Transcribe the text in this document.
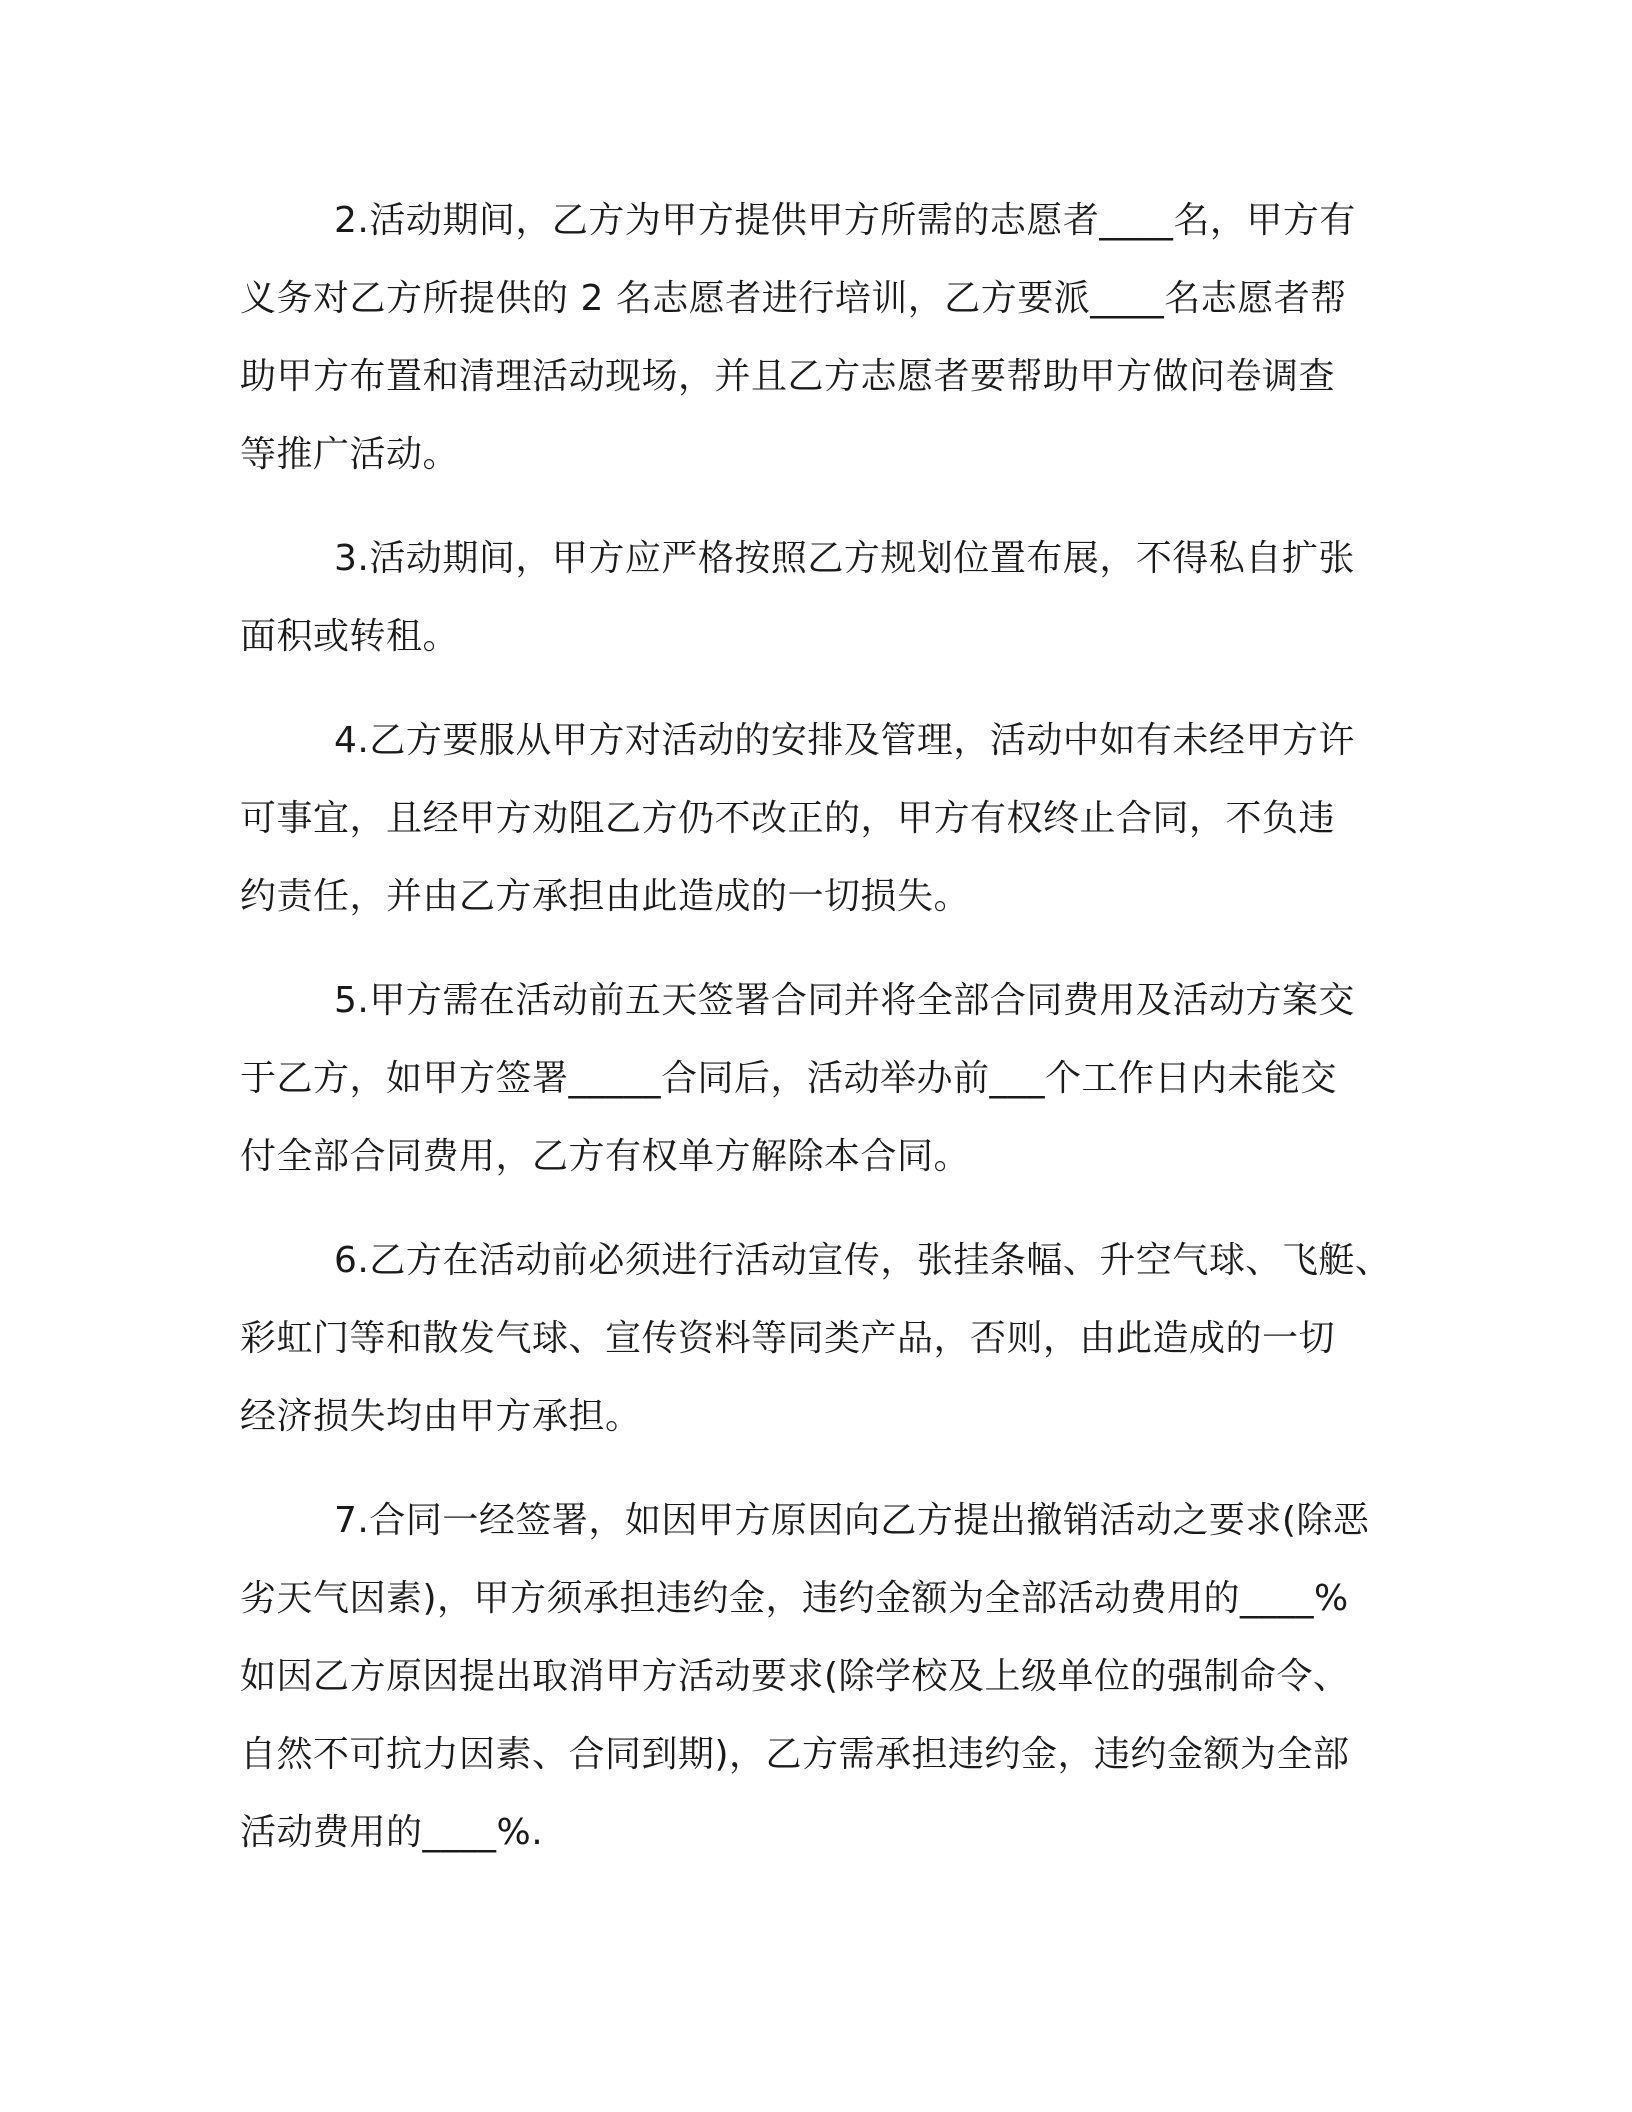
2.活动期间，乙方为甲方提供甲方所需的志愿者____名，甲方有
义务对乙方所提供的 2 名志愿者进行培训，乙方要派____名志愿者帮
助甲方布置和清理活动现场，并且乙方志愿者要帮助甲方做问卷调查
等推广活动。

3.活动期间，甲方应严格按照乙方规划位置布展，不得私自扩张
面积或转租。

4.乙方要服从甲方对活动的安排及管理，活动中如有未经甲方许
可事宜，且经甲方劝阻乙方仍不改正的，甲方有权终止合同，不负违
约责任，并由乙方承担由此造成的一切损失。

5.甲方需在活动前五天签署合同并将全部合同费用及活动方案交
于乙方，如甲方签署_____合同后，活动举办前___个工作日内未能交
付全部合同费用，乙方有权单方解除本合同。

6.乙方在活动前必须进行活动宣传，张挂条幅、升空气球、飞艇、
彩虹门等和散发气球、宣传资料等同类产品，否则，由此造成的一切
经济损失均由甲方承担。

7.合同一经签署，如因甲方原因向乙方提出撤销活动之要求(除恶
劣天气因素)，甲方须承担违约金，违约金额为全部活动费用的____%
如因乙方原因提出取消甲方活动要求(除学校及上级单位的强制命令、
自然不可抗力因素、合同到期)，乙方需承担违约金，违约金额为全部
活动费用的____%.
